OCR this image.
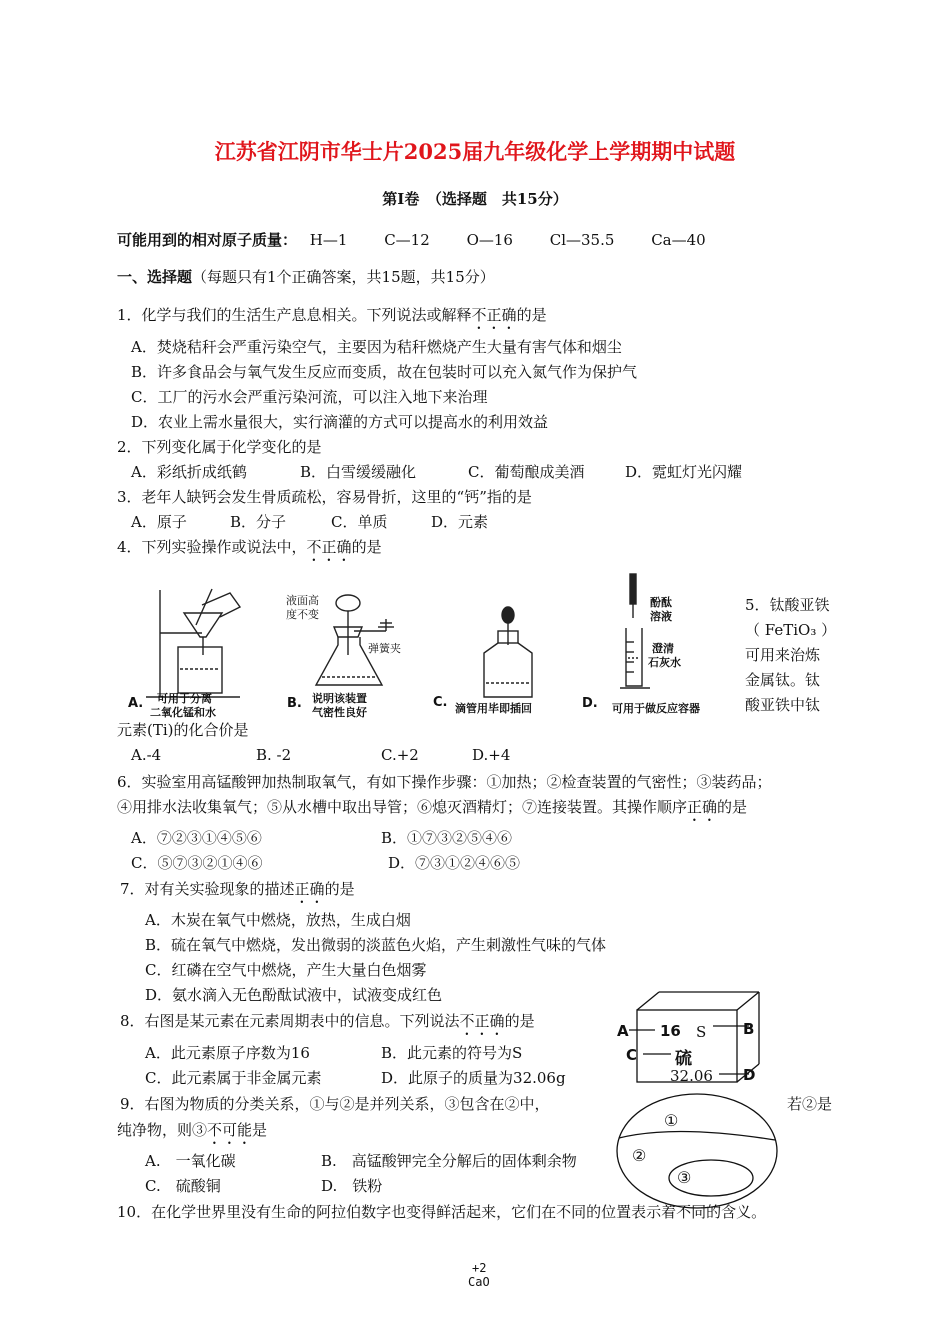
江苏省江阴市华士片2025届九年级化学上学期期中试题
第Ⅰ卷　（选择题　共15分）
可能用到的相对原子质量： H—1 C—12 O—16 Cl—35.5 Ca—40
一、选择题（每题只有1个正确答案，共15题，共15分）
1．化学与我们的生活生产息息相关。下列说法或解释不正确的是
A．焚烧秸秆会严重污染空气，主要因为秸秆燃烧产生大量有害气体和烟尘
B．许多食品会与氧气发生反应而变质，故在包装时可以充入氮气作为保护气
C．工厂的污水会严重污染河流，可以注入地下来治理
D．农业上需水量很大，实行滴灌的方式可以提高水的利用效益
2．下列变化属于化学变化的是
A．彩纸折成纸鹤	B．白雪缓缓融化	C．葡萄酿成美酒	D．霓虹灯光闪耀
3．老年人缺钙会发生骨质疏松，容易骨折，这里的“钙”指的是
A．原子	B．分子	C．单质	D．元素
4．下列实验操作或说法中，不正确的是
A. 可用于分离
二氧化锰和水
液面高
度不变
弹簧夹
B. 说明该装置
气密性良好
C. 滴管用毕即插回
酚酞
溶液
澄清
石灰水
D. 可用于做反应容器
5．钛酸亚铁
（ FeTiO₃ ）
可用来治炼
金属钛。钛
酸亚铁中钛
元素(Ti)的化合价是
A.-4	B. -2	C.+2	D.+4
6．实验室用高锰酸钾加热制取氧气，有如下操作步骤：①加热；②检查装置的气密性；③装药品；
④用排水法收集氧气；⑤从水槽中取出导管；⑥熄灭酒精灯；⑦连接装置。其操作顺序正确的是
A．⑦②③①④⑤⑥	B．①⑦③②⑤④⑥
C．⑤⑦③②①④⑥	D．⑦③①②④⑥⑤
7．对有关实验现象的描述正确的是
A．木炭在氧气中燃烧，放热，生成白烟
B．硫在氧气中燃烧，发出微弱的淡蓝色火焰，产生刺激性气味的气体
C．红磷在空气中燃烧，产生大量白色烟雾
D．氨水滴入无色酚酞试液中，试液变成红色
8．右图是某元素在元素周期表中的信息。下列说法不正确的是
A．此元素原子序数为16	B．此元素的符号为S
C．此元素属于非金属元素	D．此原子的质量为32.06g
A 16 S B
C 硫
32.06 D
9．右图为物质的分类关系，①与②是并列关系，③包含在②中，	若②是
纯净物，则③不可能是
A.　一氧化碳	B.　高锰酸钾完全分解后的固体剩余物
C.　硫酸铜	D.　铁粉
①
②
③
10．在化学世界里没有生命的阿拉伯数字也变得鲜活起来，它们在不同的位置表示着不同的含义。
+2
CaO
